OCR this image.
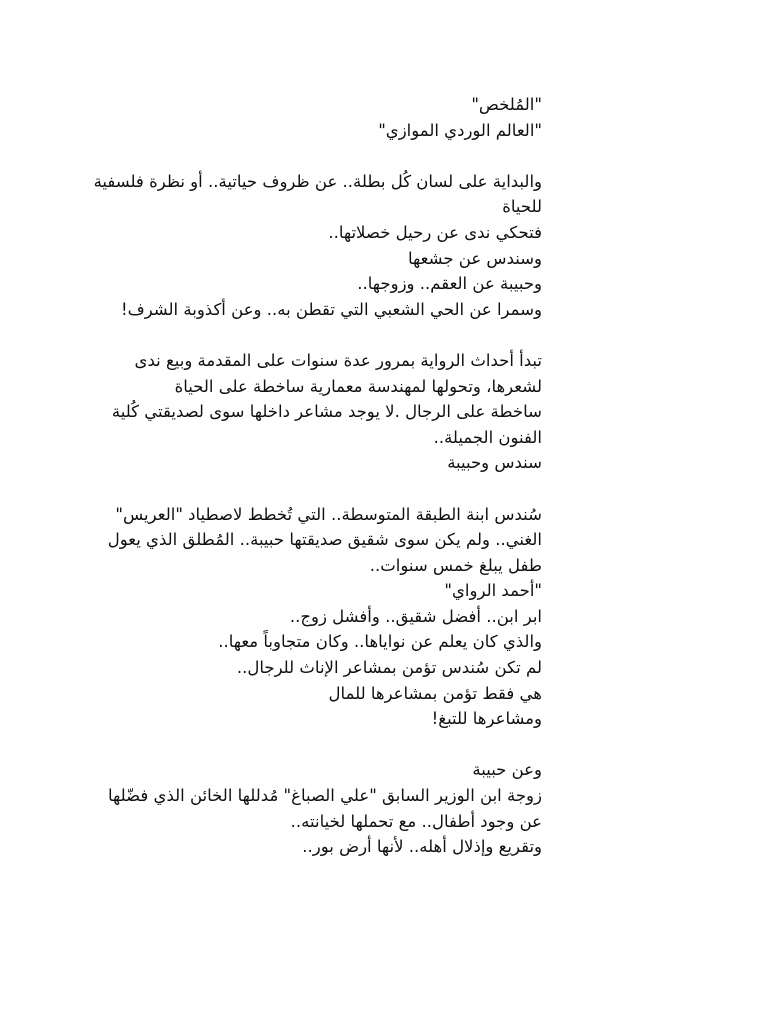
"المُلخص"

"العالم الوردي الموازي"

والبداية على لسان كُل بطلة.. عن ظروف حياتية.. أو نظرة فلسفية للحياة

فتحكي ندى عن رحيل خصلاتها..

وسندس عن جشعها

وحبيبة عن العقم.. وزوجها..

وسمرا عن الحي الشعبي التي تقطن به.. وعن أكذوبة الشرف!

تبدأ أحداث الرواية بمرور عدة سنوات على المقدمة وبيع ندى لشعرها، وتحولها لمهندسة معمارية ساخطة على الحياة

ساخطة على الرجال .لا يوجد مشاعر داخلها سوى لصديقتي كُلية الفنون الجميلة..

سندس وحبيبة

سُندس ابنة الطبقة المتوسطة.. التي تُخطط لاصطياد "العريس" الغني.. ولم يكن سوى شقيق صديقتها حبيبة.. المُطلق الذي يعول طفل يبلغ خمس سنوات..

"أحمد الرواي"

ابر ابن.. أفضل شقيق.. وأفشل زوج..

والذي كان يعلم عن نواياها.. وكان متجاوباً معها..

لم تكن سُندس تؤمن بمشاعر الإناث للرجال..

هي فقط تؤمن بمشاعرها للمال

ومشاعرها للتبغ!

وعن حبيبة

زوجة ابن الوزير السابق "علي الصباغ" مُدللها الخائن الذي فضّلها عن وجود أطفال.. مع تحملها لخيانته..

وتقريع وإذلال أهله.. لأنها أرض بور..
